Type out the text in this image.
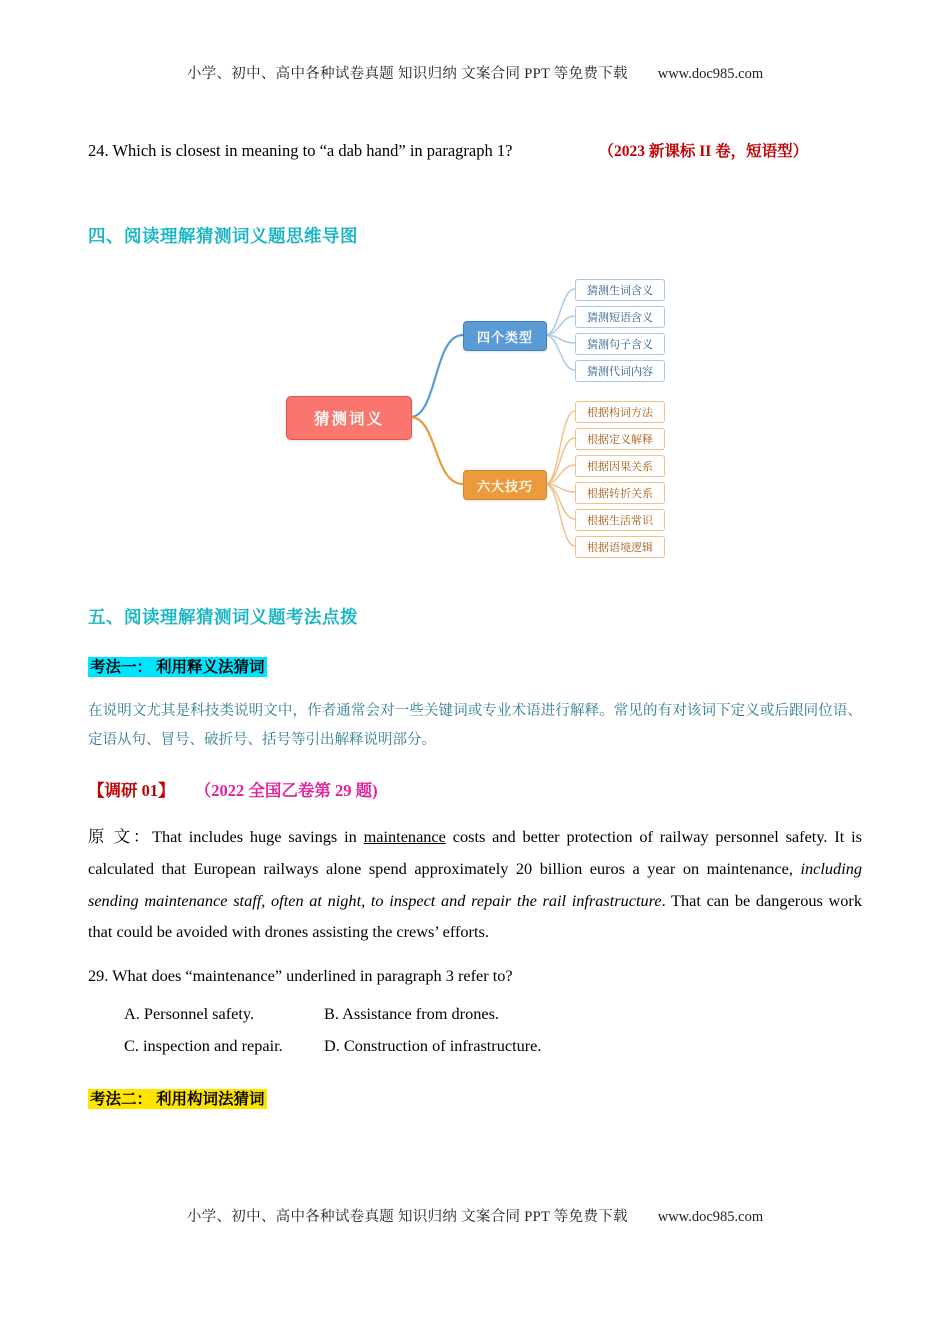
小学、初中、高中各种试卷真题 知识归纳 文案合同 PPT 等免费下载 www.doc985.com
24. Which is closest in meaning to “a dab hand” in paragraph 1?	（2023 新课标 II 卷，短语型）
四、阅读理解猜测词义题思维导图
猜测词义
四个类型
六大技巧
猜测生词含义
猜测短语含义
猜测句子含义
猜测代词内容
根据构词方法
根据定义解释
根据因果关系
根据转折关系
根据生活常识
根据语境逻辑
五、阅读理解猜测词义题考法点拨
考法一： 利用释义法猜词
在说明文尤其是科技类说明文中，作者通常会对一些关键词或专业术语进行解释。常见的有对该词下定义或后跟同位语、定语从句、冒号、破折号、括号等引出解释说明部分。
【调研 01】 （2022 全国乙卷第 29 题)
原 文：That includes huge savings in maintenance costs and better protection of railway personnel safety. It is calculated that European railways alone spend approximately 20 billion euros a year on maintenance, including sending maintenance staff, often at night, to inspect and repair the rail infrastructure. That can be dangerous work that could be avoided with drones assisting the crews’ efforts.
29. What does “maintenance” underlined in paragraph 3 refer to?
A. Personnel safety.	B. Assistance from drones.
C. inspection and repair.	D. Construction of infrastructure.
考法二： 利用构词法猜词
小学、初中、高中各种试卷真题 知识归纳 文案合同 PPT 等免费下载 www.doc985.com
